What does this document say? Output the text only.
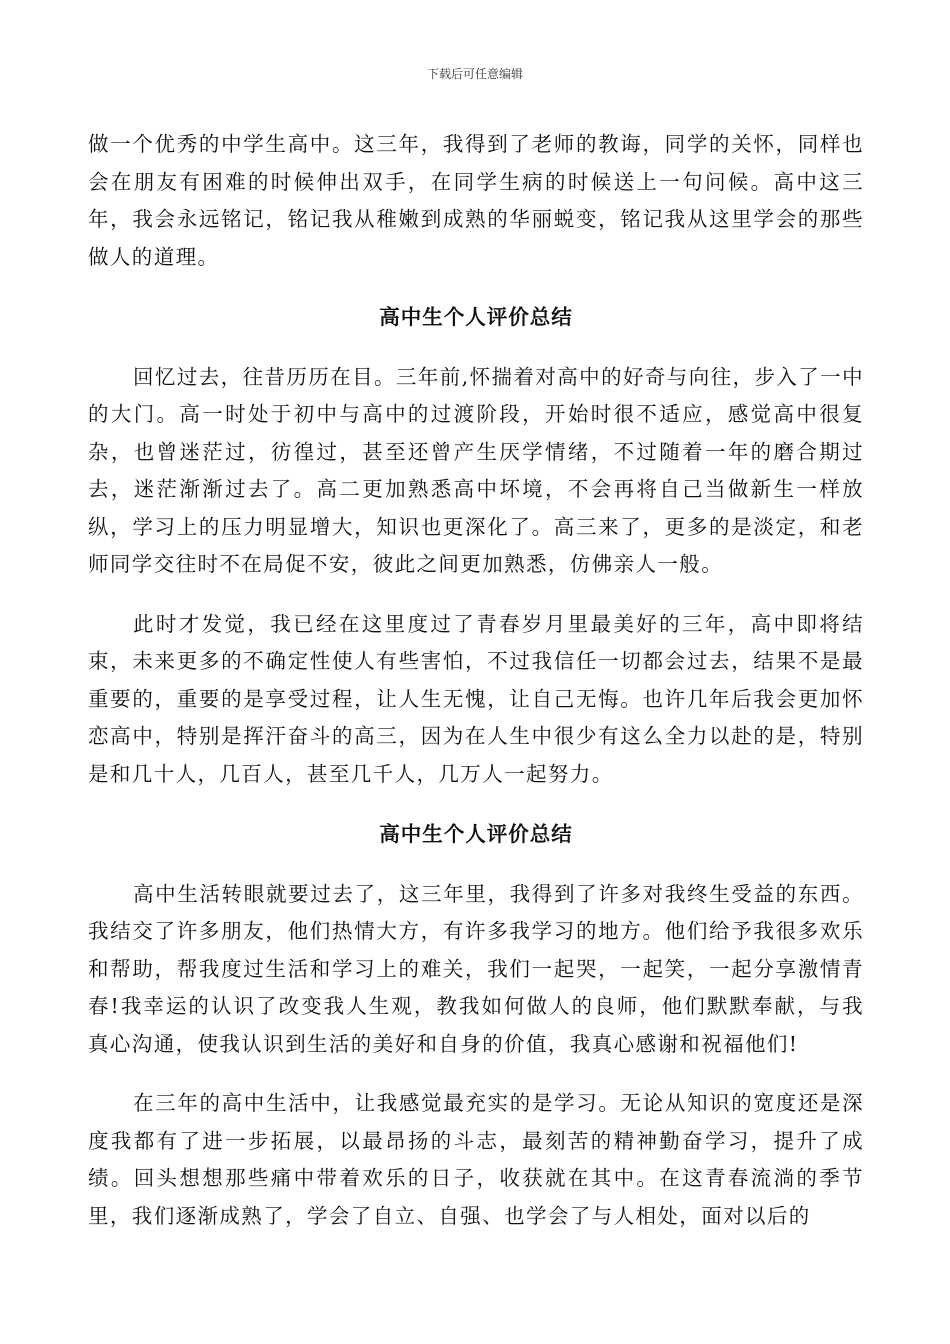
下载后可任意编辑

做一个优秀的中学生高中。这三年，我得到了老师的教诲，同学的关怀，同样也会在朋友有困难的时候伸出双手，在同学生病的时候送上一句问候。高中这三年，我会永远铭记，铭记我从稚嫩到成熟的华丽蜕变，铭记我从这里学会的那些做人的道理。

高中生个人评价总结

回忆过去，往昔历历在目。三年前,怀揣着对高中的好奇与向往，步入了一中的大门。高一时处于初中与高中的过渡阶段，开始时很不适应，感觉高中很复杂，也曾迷茫过，彷徨过，甚至还曾产生厌学情绪，不过随着一年的磨合期过去，迷茫渐渐过去了。高二更加熟悉高中坏境，不会再将自己当做新生一样放纵，学习上的压力明显增大，知识也更深化了。高三来了，更多的是淡定，和老师同学交往时不在局促不安，彼此之间更加熟悉，仿佛亲人一般。

此时才发觉，我已经在这里度过了青春岁月里最美好的三年，高中即将结束，未来更多的不确定性使人有些害怕，不过我信任一切都会过去，结果不是最重要的，重要的是享受过程，让人生无愧，让自己无悔。也许几年后我会更加怀恋高中，特别是挥汗奋斗的高三，因为在人生中很少有这么全力以赴的是，特别是和几十人，几百人，甚至几千人，几万人一起努力。

高中生个人评价总结

高中生活转眼就要过去了，这三年里，我得到了许多对我终生受益的东西。我结交了许多朋友，他们热情大方，有许多我学习的地方。他们给予我很多欢乐和帮助，帮我度过生活和学习上的难关，我们一起哭，一起笑，一起分享激情青春!我幸运的认识了改变我人生观，教我如何做人的良师，他们默默奉献，与我真心沟通，使我认识到生活的美好和自身的价值，我真心感谢和祝福他们!

在三年的高中生活中，让我感觉最充实的是学习。无论从知识的宽度还是深度我都有了进一步拓展，以最昂扬的斗志，最刻苦的精神勤奋学习，提升了成绩。回头想想那些痛中带着欢乐的日子，收获就在其中。在这青春流淌的季节里，我们逐渐成熟了，学会了自立、自强、也学会了与人相处，面对以后的
